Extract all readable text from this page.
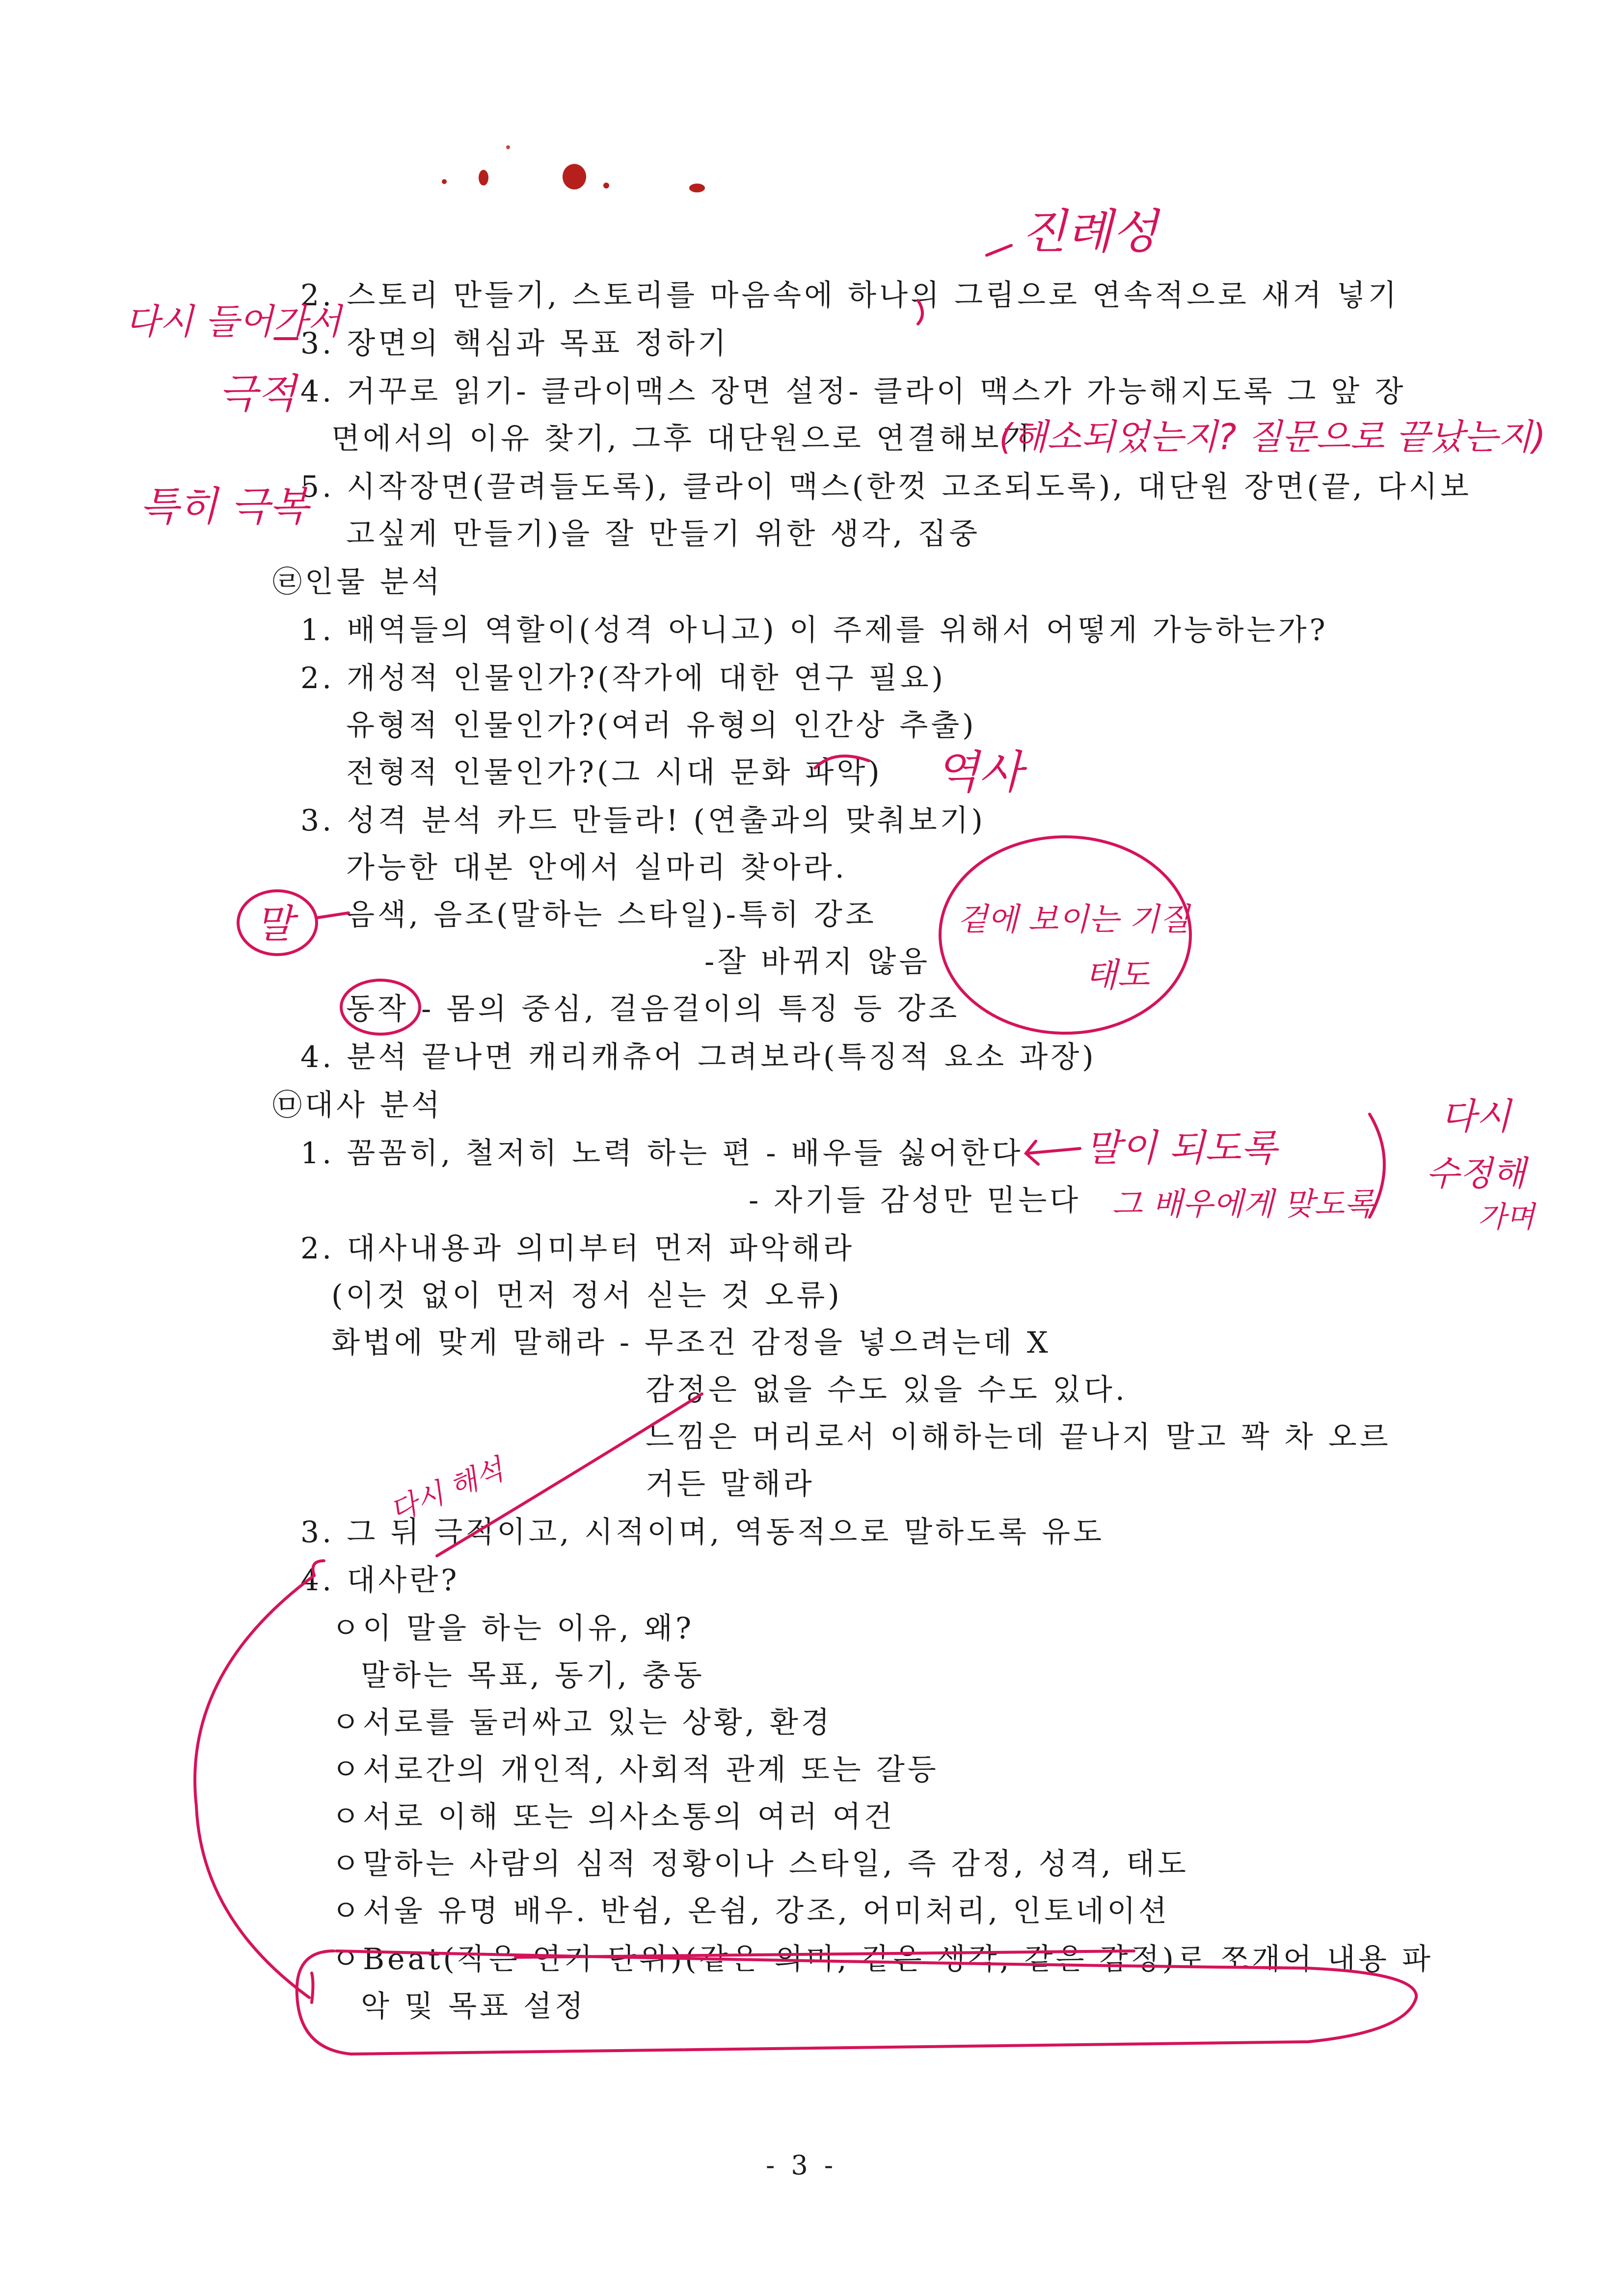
2. 스토리 만들기, 스토리를 마음속에 하나의 그림으로 연속적으로 새겨 넣기
3. 장면의 핵심과 목표 정하기
4. 거꾸로 읽기- 클라이맥스 장면 설정- 클라이 맥스가 가능해지도록 그 앞 장
면에서의 이유 찾기, 그후 대단원으로 연결해보기
5. 시작장면(끌려들도록), 클라이 맥스(한껏 고조되도록), 대단원 장면(끝, 다시보
고싶게 만들기)을 잘 만들기 위한 생각, 집중
㉣인물 분석
1. 배역들의 역할이(성격 아니고) 이 주제를 위해서 어떻게 가능하는가?
2. 개성적 인물인가?(작가에 대한 연구 필요)
유형적 인물인가?(여러 유형의 인간상 추출)
전형적 인물인가?(그 시대 문화 파악)
3. 성격 분석 카드 만들라! (연출과의 맞춰보기)
가능한 대본 안에서 실마리 찾아라.
음색, 음조(말하는 스타일)-특히 강조
-잘 바뀌지 않음
동작 - 몸의 중심, 걸음걸이의 특징 등 강조
4. 분석 끝나면 캐리캐츄어 그려보라(특징적 요소 과장)
㉤대사 분석
1. 꼼꼼히, 철저히 노력 하는 편 - 배우들 싫어한다
- 자기들 감성만 믿는다
2. 대사내용과 의미부터 먼저 파악해라
(이것 없이 먼저 정서 싣는 것 오류)
화법에 맞게 말해라 - 무조건 감정을 넣으려는데 X
감정은 없을 수도 있을 수도 있다.
느낌은 머리로서 이해하는데 끝나지 말고 꽉 차 오르
거든 말해라
3. 그 뒤 극적이고, 시적이며, 역동적으로 말하도록 유도
4. 대사란?
ㅇ이 말을 하는 이유, 왜?
말하는 목표, 동기, 충동
ㅇ서로를 둘러싸고 있는 상황, 환경
ㅇ서로간의 개인적, 사회적 관계 또는 갈등
ㅇ서로 이해 또는 의사소통의 여러 여건
ㅇ말하는 사람의 심적 정황이나 스타일, 즉 감정, 성격, 태도
ㅇ서울 유명 배우. 반쉼, 온쉼, 강조, 어미처리, 인토네이션
ㅇBeat(작은 연기 단위)(같은 의미, 같은 생각, 같은 감정)로 쪼개어 내용 파
악 및 목표 설정
- 3 -
진례성
다시 들어가서
극적
(해소되었는지? 질문으로 끝났는지)
특히 극복
역사
말	겉에 보이는 기질
태도
말이 되도록
그 배우에게 맞도록
다시
수정해
가며
다시 해석
